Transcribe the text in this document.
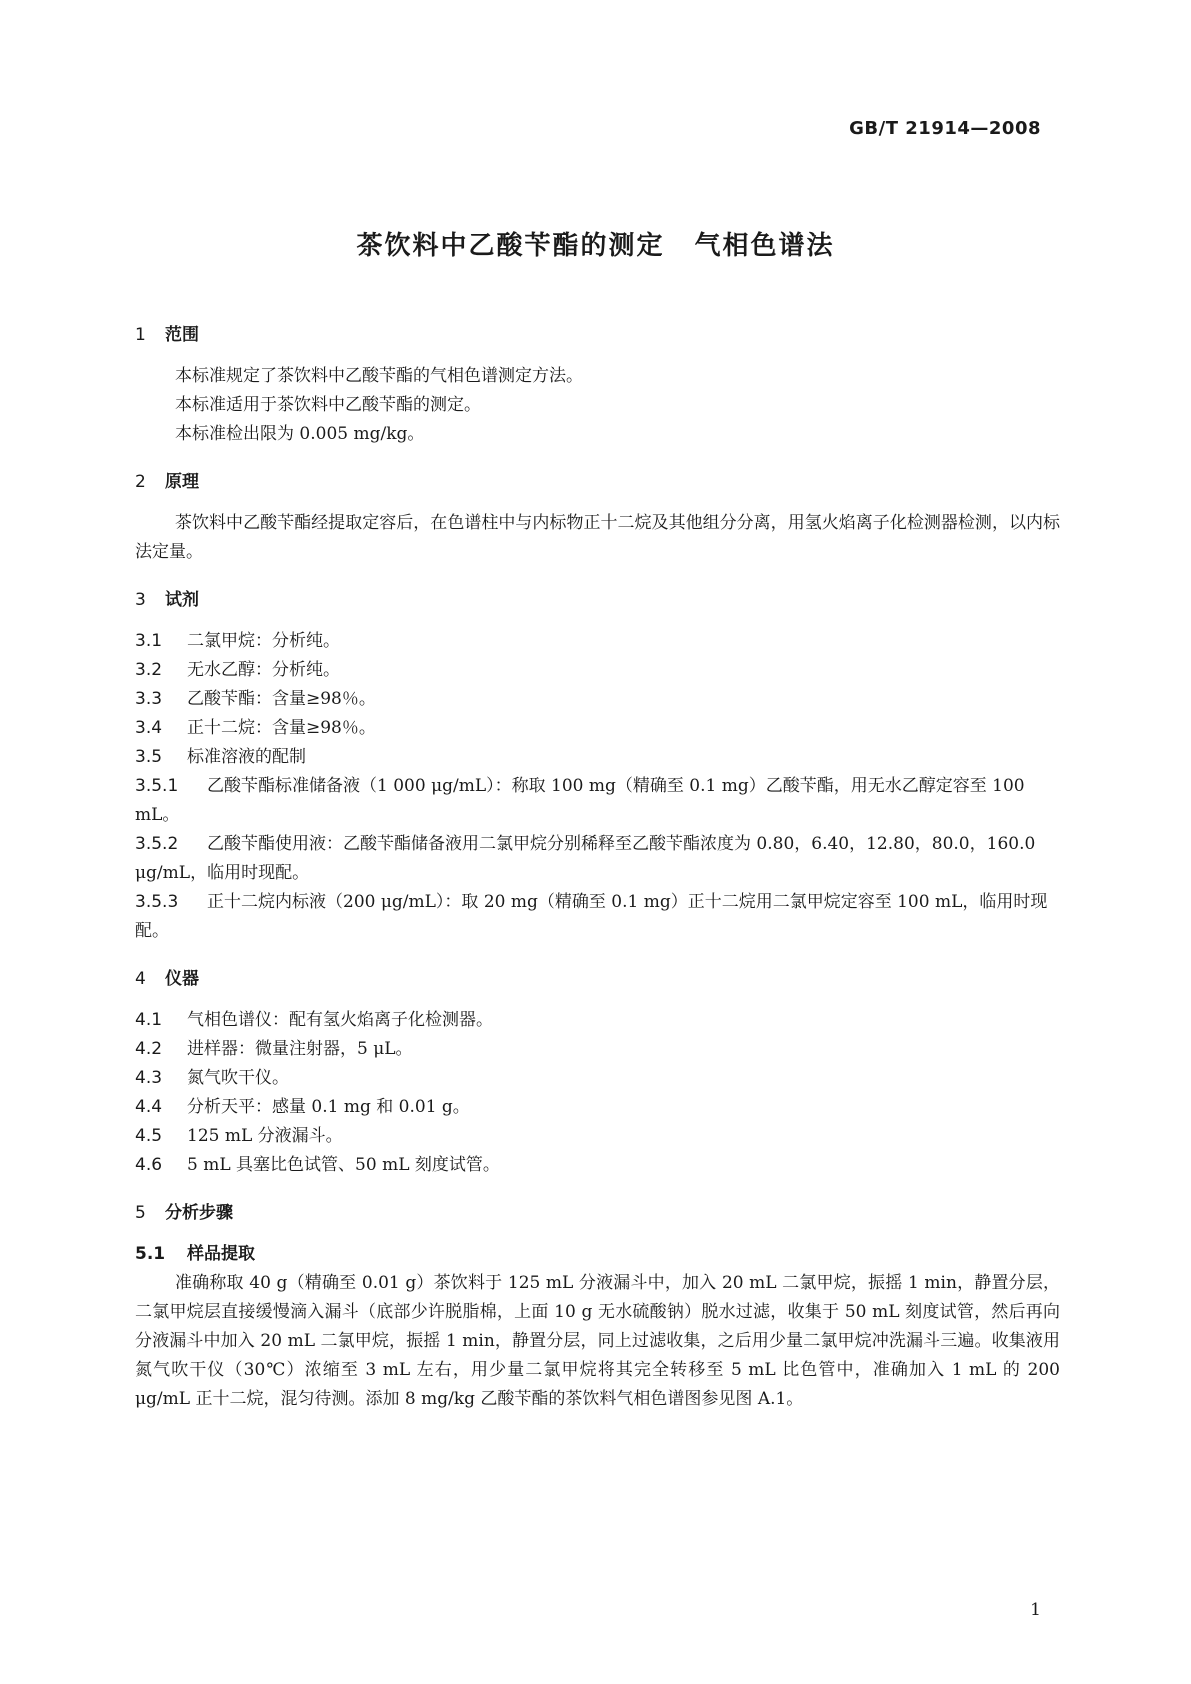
GB/T 21914—2008
茶饮料中乙酸苄酯的测定 气相色谱法
1 范围
本标准规定了茶饮料中乙酸苄酯的气相色谱测定方法。
本标准适用于茶饮料中乙酸苄酯的测定。
本标准检出限为 0.005 mg/kg。
2 原理
茶饮料中乙酸苄酯经提取定容后，在色谱柱中与内标物正十二烷及其他组分分离，用氢火焰离子化检测器检测，以内标法定量。
3 试剂
3.1 二氯甲烷：分析纯。
3.2 无水乙醇：分析纯。
3.3 乙酸苄酯：含量≥98％。
3.4 正十二烷：含量≥98％。
3.5 标准溶液的配制
3.5.1 乙酸苄酯标准储备液（1 000 μg/mL）：称取 100 mg（精确至 0.1 mg）乙酸苄酯，用无水乙醇定容至 100 mL。
3.5.2 乙酸苄酯使用液：乙酸苄酯储备液用二氯甲烷分别稀释至乙酸苄酯浓度为 0.80，6.40，12.80，80.0，160.0 μg/mL，临用时现配。
3.5.3 正十二烷内标液（200 μg/mL）：取 20 mg（精确至 0.1 mg）正十二烷用二氯甲烷定容至 100 mL，临用时现配。
4 仪器
4.1 气相色谱仪：配有氢火焰离子化检测器。
4.2 进样器：微量注射器，5 μL。
4.3 氮气吹干仪。
4.4 分析天平：感量 0.1 mg 和 0.01 g。
4.5 125 mL 分液漏斗。
4.6 5 mL 具塞比色试管、50 mL 刻度试管。
5 分析步骤
5.1 样品提取
准确称取 40 g（精确至 0.01 g）茶饮料于 125 mL 分液漏斗中，加入 20 mL 二氯甲烷，振摇 1 min，静置分层，二氯甲烷层直接缓慢滴入漏斗（底部少许脱脂棉，上面 10 g 无水硫酸钠）脱水过滤，收集于 50 mL 刻度试管，然后再向分液漏斗中加入 20 mL 二氯甲烷，振摇 1 min，静置分层，同上过滤收集，之后用少量二氯甲烷冲洗漏斗三遍。收集液用氮气吹干仪（30℃）浓缩至 3 mL 左右，用少量二氯甲烷将其完全转移至 5 mL 比色管中，准确加入 1 mL 的 200 μg/mL 正十二烷，混匀待测。添加 8 mg/kg 乙酸苄酯的茶饮料气相色谱图参见图 A.1。
1
